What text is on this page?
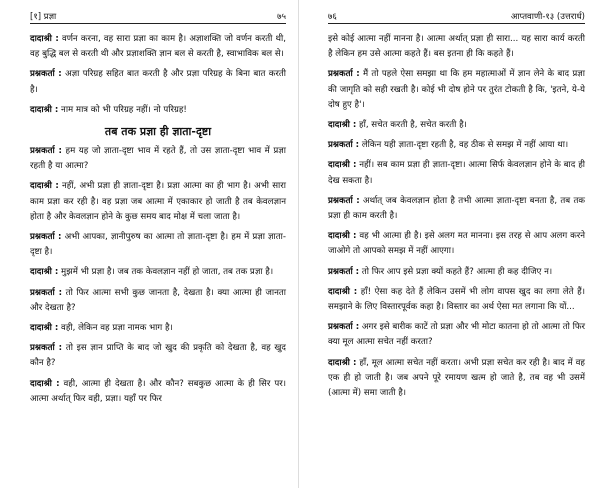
[१] प्रज्ञा	७५

दादाश्री : वर्णन करना, वह सारा प्रज्ञा का काम है। अज्ञाशक्ति जो वर्णन करती थी, वह बुद्धि बल से करती थी और प्रज्ञाशक्ति ज्ञान बल से करती है, स्वाभाविक बल से।

प्रश्नकर्ता : अज्ञा परिग्रह सहित बात करती है और प्रज्ञा परिग्रह के बिना बात करती है।

दादाश्री : नाम मात्र को भी परिग्रह नहीं। नो परिग्रह!

तब तक प्रज्ञा ही ज्ञाता-दृष्टा

प्रश्नकर्ता : हम यह जो ज्ञाता-दृष्टा भाव में रहते हैं, तो उस ज्ञाता-दृष्टा भाव में प्रज्ञा रहती है या आत्मा?

दादाश्री : नहीं, अभी प्रज्ञा ही ज्ञाता-दृष्टा है। प्रज्ञा आत्मा का ही भाग है। अभी सारा काम प्रज्ञा कर रही है। वह प्रज्ञा जब आत्मा में एकाकार हो जाती है तब केवलज्ञान होता है और केवलज्ञान होने के कुछ समय बाद मोक्ष में चला जाता है।

प्रश्नकर्ता : अभी आपका, ज्ञानीपुरुष का आत्मा तो ज्ञाता-दृष्टा है। हम में प्रज्ञा ज्ञाता-दृष्टा है।

दादाश्री : मुझमें भी प्रज्ञा है। जब तक केवलज्ञान नहीं हो जाता, तब तक प्रज्ञा है।

प्रश्नकर्ता : तो फिर आत्मा सभी कुछ जानता है, देखता है। क्या आत्मा ही जानता और देखता है?

दादाश्री : वही, लेकिन वह प्रज्ञा नामक भाग है।

प्रश्नकर्ता : तो इस ज्ञान प्राप्ति के बाद जो खुद की प्रकृति को देखता है, वह खुद कौन है?

दादाश्री : वही, आत्मा ही देखता है। और कौन? सबकुछ आत्मा के ही सिर पर। आत्मा अर्थात् फिर वही, प्रज्ञा। यहाँ पर फिर

७६	आप्तवाणी-१३ (उत्तरार्ध)

इसे कोई आत्मा नहीं मानना है। आत्मा अर्थात् प्रज्ञा ही सारा... यह सारा कार्य करती है लेकिन हम उसे आत्मा कहते हैं। बस इतना ही कि कहते हैं।

प्रश्नकर्ता : मैं तो पहले ऐसा समझा था कि हम महात्माओं में ज्ञान लेने के बाद प्रज्ञा की जागृति को सही रखती है। कोई भी दोष होने पर तुरंत टोकती है कि, 'इतने, ये-ये दोष हुए है'।

दादाश्री : हाँ, सचेत करती है, सचेत करती है।

प्रश्नकर्ता : लेकिन यही ज्ञाता-दृष्टा रहती है, वह ठीक से समझ में नहीं आया था।

दादाश्री : नहीं। सब काम प्रज्ञा ही ज्ञाता-दृष्टा। आत्मा सिर्फ केवलज्ञान होने के बाद ही देख सकता है।

प्रश्नकर्ता : अर्थात् जब केवलज्ञान होता है तभी आत्मा ज्ञाता-दृष्टा बनता है, तब तक प्रज्ञा ही काम करती है।

दादाश्री : वह भी आत्मा ही है। इसे अलग मत मानना। इस तरह से आप अलग करने जाओगे तो आपको समझ में नहीं आएगा।

प्रश्नकर्ता : तो फिर आप इसे प्रज्ञा क्यों कहते हैं? आत्मा ही कह दीजिए न।

दादाश्री : हाँ! ऐसा कह देते हैं लेकिन उसमें भी लोग वापस खुद का लगा लेते हैं। समझाने के लिए विस्तारपूर्वक कहा है। विस्तार का अर्थ ऐसा मत लगाना कि यों...

प्रश्नकर्ता : अगर इसे बारीक काटें तो प्रज्ञा और भी मोटा कातना हो तो आत्मा तो फिर क्या मूल आत्मा सचेत नहीं करता?

दादाश्री : हाँ, मूल आत्मा सचेत नहीं करता। अभी प्रज्ञा सचेत कर रही है। बाद में वह एक ही हो जाती है। जब अपने पूरे रमायण खत्म हो जाते है, तब वह भी उसमें (आत्मा में) समा जाती है।
